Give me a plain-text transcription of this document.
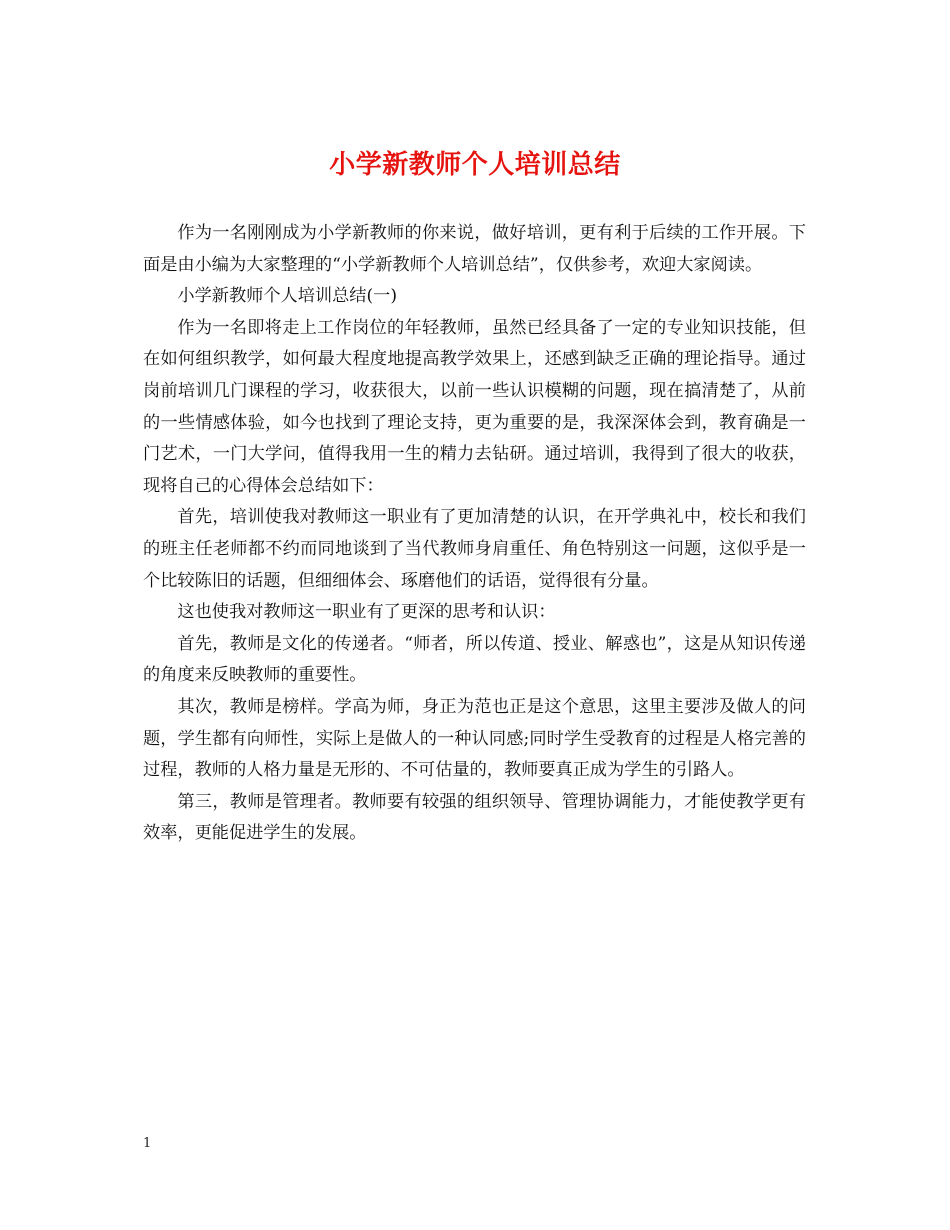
小学新教师个人培训总结

作为一名刚刚成为小学新教师的你来说，做好培训，更有利于后续的工作开展。下面是由小编为大家整理的“小学新教师个人培训总结”，仅供参考，欢迎大家阅读。

小学新教师个人培训总结(一)

作为一名即将走上工作岗位的年轻教师，虽然已经具备了一定的专业知识技能，但在如何组织教学，如何最大程度地提高教学效果上，还感到缺乏正确的理论指导。通过岗前培训几门课程的学习，收获很大，以前一些认识模糊的问题，现在搞清楚了，从前的一些情感体验，如今也找到了理论支持，更为重要的是，我深深体会到，教育确是一门艺术，一门大学问，值得我用一生的精力去钻研。通过培训，我得到了很大的收获，现将自己的心得体会总结如下：

首先，培训使我对教师这一职业有了更加清楚的认识，在开学典礼中，校长和我们的班主任老师都不约而同地谈到了当代教师身肩重任、角色特别这一问题，这似乎是一个比较陈旧的话题，但细细体会、琢磨他们的话语，觉得很有分量。

这也使我对教师这一职业有了更深的思考和认识：

首先，教师是文化的传递者。“师者，所以传道、授业、解惑也”，这是从知识传递的角度来反映教师的重要性。

其次，教师是榜样。学高为师，身正为范也正是这个意思，这里主要涉及做人的问题，学生都有向师性，实际上是做人的一种认同感;同时学生受教育的过程是人格完善的过程，教师的人格力量是无形的、不可估量的，教师要真正成为学生的引路人。

第三，教师是管理者。教师要有较强的组织领导、管理协调能力，才能使教学更有效率，更能促进学生的发展。

1
